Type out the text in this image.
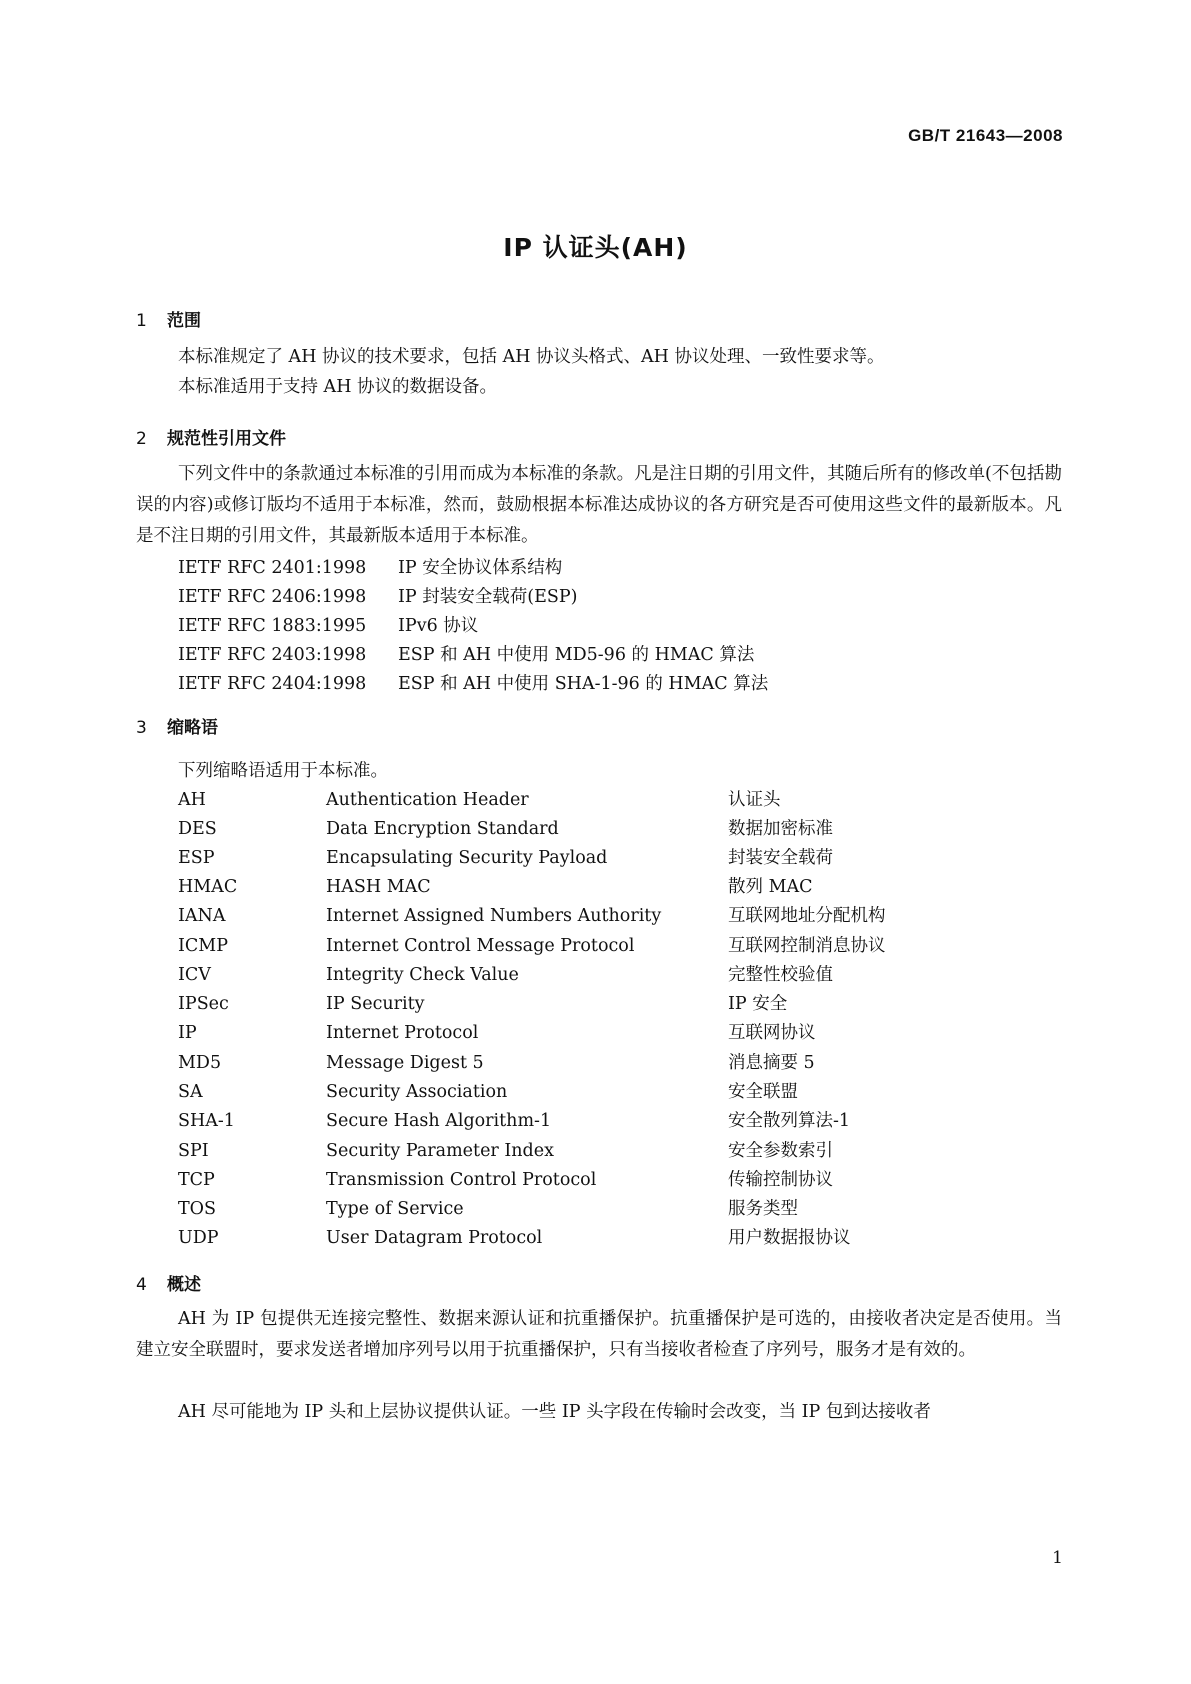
GB/T 21643—2008
IP 认证头(AH)
1 范围

本标准规定了 AH 协议的技术要求，包括 AH 协议头格式、AH 协议处理、一致性要求等。

本标准适用于支持 AH 协议的数据设备。

2 规范性引用文件

下列文件中的条款通过本标准的引用而成为本标准的条款。凡是注日期的引用文件，其随后所有的修改单(不包括勘误的内容)或修订版均不适用于本标准，然而，鼓励根据本标准达成协议的各方研究是否可使用这些文件的最新版本。凡是不注日期的引用文件，其最新版本适用于本标准。

IETF RFC 2401:1998 IP 安全协议体系结构
IETF RFC 2406:1998 IP 封装安全载荷(ESP)
IETF RFC 1883:1995 IPv6 协议
IETF RFC 2403:1998 ESP 和 AH 中使用 MD5-96 的 HMAC 算法
IETF RFC 2404:1998 ESP 和 AH 中使用 SHA-1-96 的 HMAC 算法
3 缩略语
下列缩略语适用于本标准。
AH	Authentication Header	认证头
DES	Data Encryption Standard	数据加密标准
ESP	Encapsulating Security Payload	封装安全载荷
HMAC	HASH MAC	散列 MAC
IANA	Internet Assigned Numbers Authority	互联网地址分配机构
ICMP	Internet Control Message Protocol	互联网控制消息协议
ICV	Integrity Check Value	完整性校验值
IPSec	IP Security	IP 安全
IP	Internet Protocol	互联网协议
MD5	Message Digest 5	消息摘要 5
SA	Security Association	安全联盟
SHA-1	Secure Hash Algorithm-1	安全散列算法-1
SPI	Security Parameter Index	安全参数索引
TCP	Transmission Control Protocol	传输控制协议
TOS	Type of Service	服务类型
UDP	User Datagram Protocol	用户数据报协议
4 概述

AH 为 IP 包提供无连接完整性、数据来源认证和抗重播保护。抗重播保护是可选的，由接收者决定是否使用。当建立安全联盟时，要求发送者增加序列号以用于抗重播保护，只有当接收者检查了序列号，服务才是有效的。

AH 尽可能地为 IP 头和上层协议提供认证。一些 IP 头字段在传输时会改变，当 IP 包到达接收者

1
